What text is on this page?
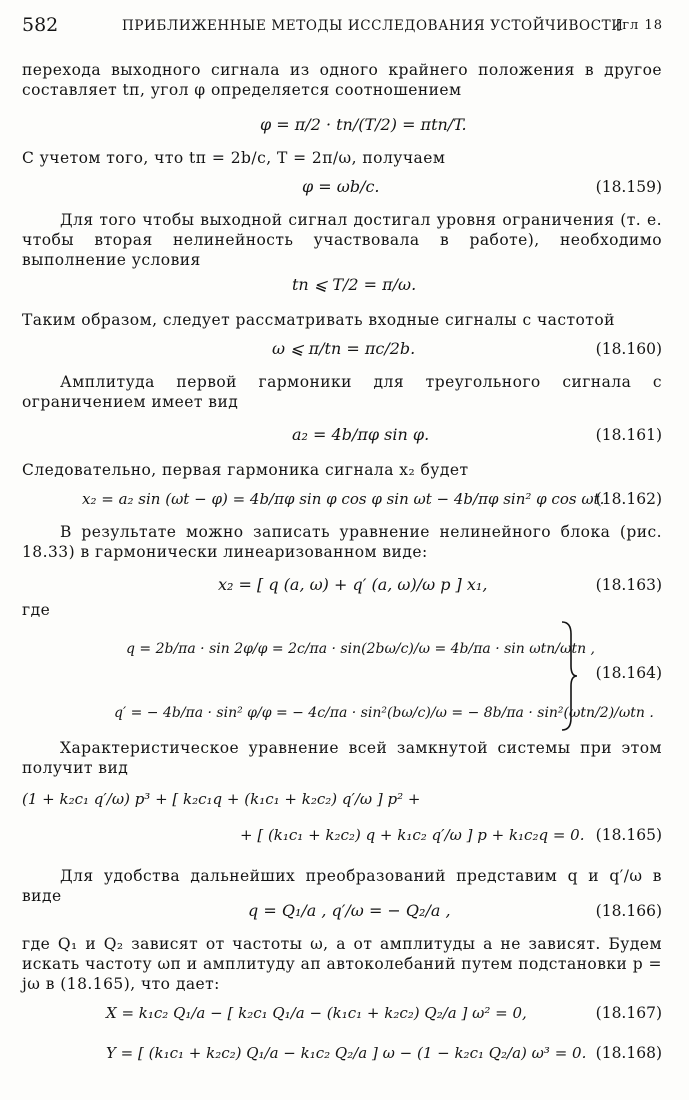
582	ПРИБЛИЖЕННЫЕ МЕТОДЫ ИССЛЕДОВАНИЯ УСТОЙЧИВОСТИ
[гл 18
перехода выходного сигнала из одного крайнего положения в другое составляет tп, угол φ определяется соотношением
φ = π/2 · tп/(T/2) = πtп/T.
С учетом того, что tп = 2b/c, T = 2π/ω, получаем
φ = ωb/c.	(18.159)
Для того чтобы выходной сигнал достигал уровня ограничения (т. е. чтобы вторая нелинейность участвовала в работе), необходимо выполнение условия
tп ⩽ T/2 = π/ω.
Таким образом, следует рассматривать входные сигналы с частотой
ω ⩽ π/tп = πc/2b.	(18.160)
Амплитуда первой гармоники для треугольного сигнала с ограничением имеет вид
a₂ = 4b/πφ sin φ.	(18.161)
Следовательно, первая гармоника сигнала x₂ будет
x₂ = a₂ sin (ωt − φ) = 4b/πφ sin φ cos φ sin ωt − 4b/πφ sin² φ cos ωt.
(18.162)
В результате можно записать уравнение нелинейного блока (рис. 18.33) в гармонически линеаризованном виде:
x₂ = [ q (a, ω) + q′ (a, ω)/ω p ] x₁,	(18.163)
где
q = 2b/πa · sin 2φ/φ = 2c/πa · sin(2bω/c)/ω = 4b/πa · sin ωtп/ωtп ,
q′ = − 4b/πa · sin² φ/φ = − 4c/πa · sin²(bω/c)/ω = − 8b/πa · sin²(ωtп/2)/ωtп .
(18.164)
Характеристическое уравнение всей замкнутой системы при этом получит вид
(1 + k₂c₁ q′/ω) p³ + [ k₂c₁q + (k₁c₁ + k₂c₂) q′/ω ] p² +
+ [ (k₁c₁ + k₂c₂) q + k₁c₂ q′/ω ] p + k₁c₂q = 0. (18.165)
Для удобства дальнейших преобразований представим q и q′/ω в виде
q = Q₁/a , q′/ω = − Q₂/a ,	(18.166)
где Q₁ и Q₂ зависят от частоты ω, а от амплитуды a не зависят. Будем искать частоту ωп и амплитуду aп автоколебаний путем подстановки p = jω в (18.165), что дает:
X = k₁c₂ Q₁/a − [ k₂c₁ Q₁/a − (k₁c₁ + k₂c₂) Q₂/a ] ω² = 0,	(18.167)
Y = [ (k₁c₁ + k₂c₂) Q₁/a − k₁c₂ Q₂/a ] ω − (1 − k₂c₁ Q₂/a) ω³ = 0. (18.168)
